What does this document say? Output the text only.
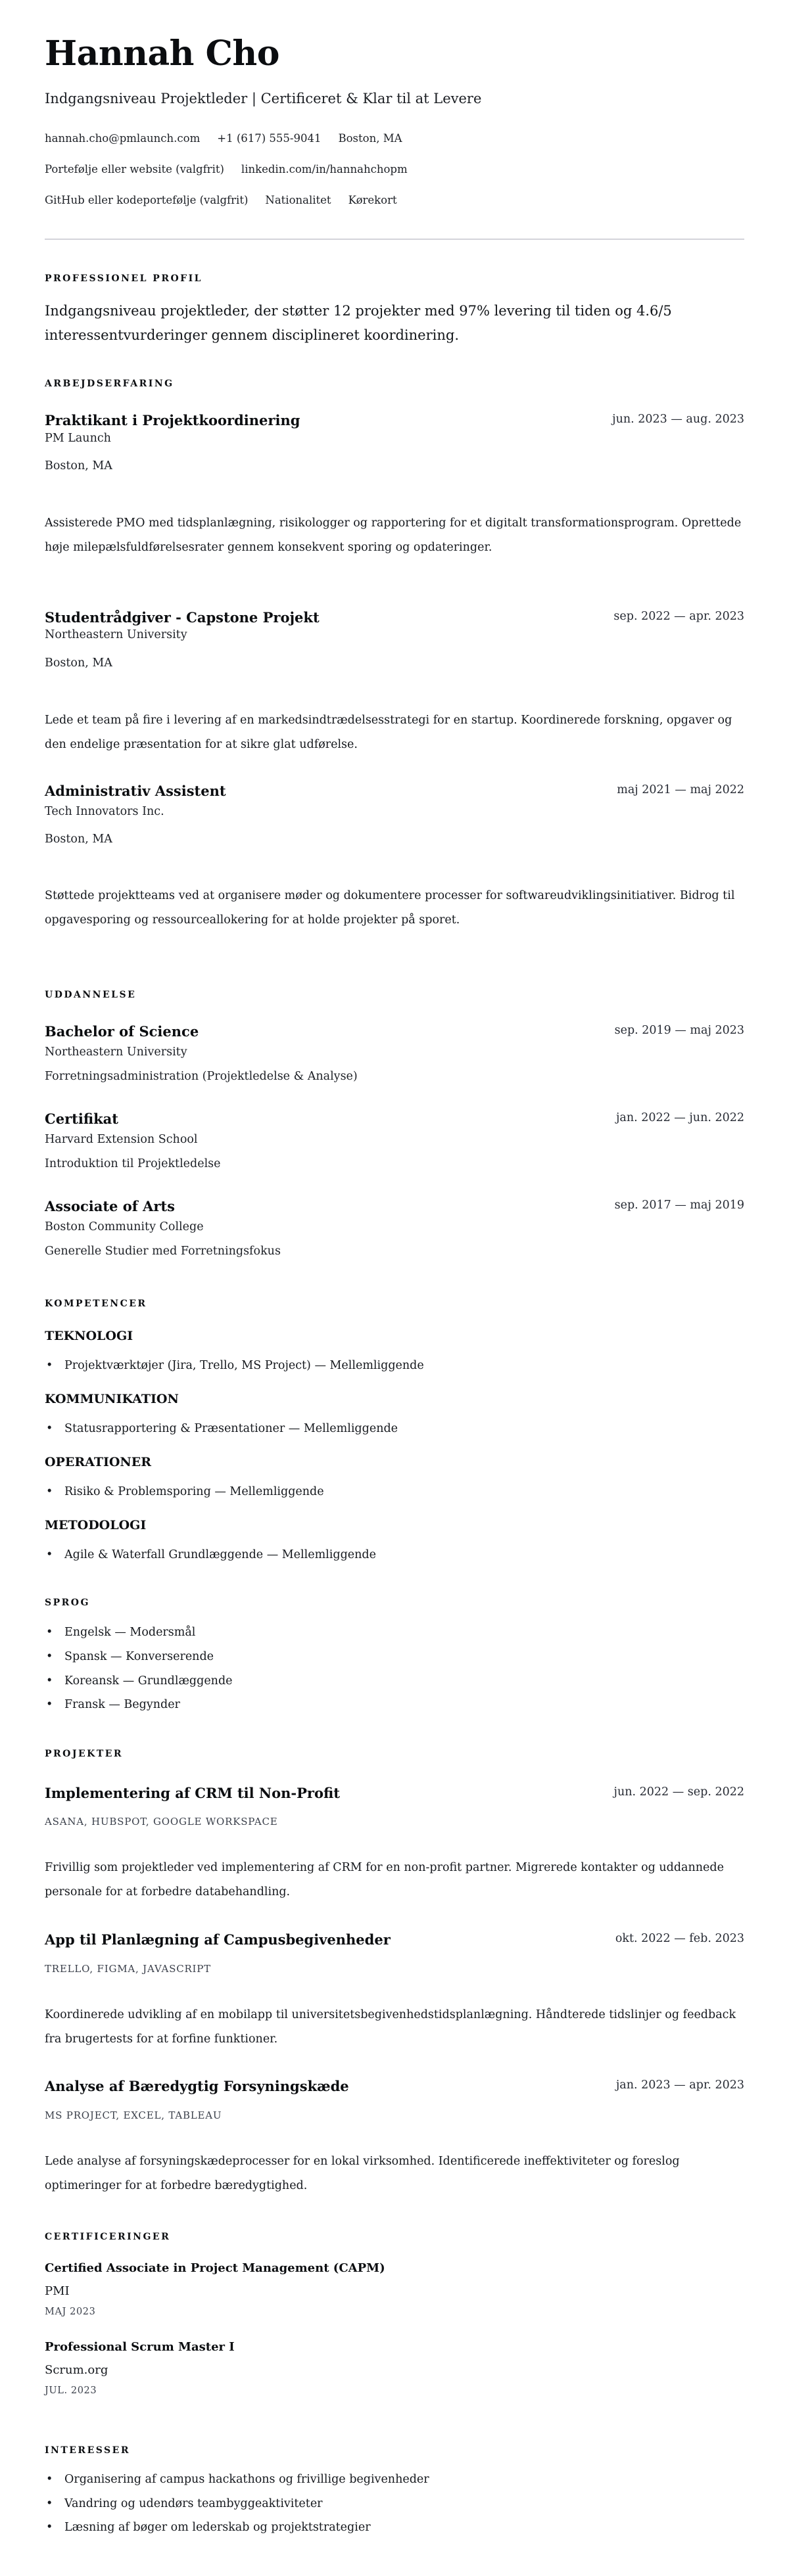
Hannah Cho
Indgangsniveau Projektleder | Certificeret & Klar til at Levere
hannah.cho@pmlaunch.com +1 (617) 555-9041 Boston, MA
Portefølje eller website (valgfrit) linkedin.com/in/hannahchopm
GitHub eller kodeportefølje (valgfrit) Nationalitet Kørekort
PROFESSIONEL PROFIL
Indgangsniveau projektleder, der støtter 12 projekter med 97% levering til tiden og 4.6/5 interessentvurderinger gennem disciplineret koordinering.
ARBEJDSERFARING
Praktikant i Projektkoordinering	jun. 2023 — aug. 2023
PM Launch
Boston, MA
Assisterede PMO med tidsplanlægning, risikologger og rapportering for et digitalt transformationsprogram. Oprettede høje milepælsfuldførelsesrater gennem konsekvent sporing og opdateringer.
Studentrådgiver - Capstone Projekt	sep. 2022 — apr. 2023
Northeastern University
Boston, MA
Lede et team på fire i levering af en markedsindtrædelsesstrategi for en startup. Koordinerede forskning, opgaver og den endelige præsentation for at sikre glat udførelse.
Administrativ Assistent	maj 2021 — maj 2022
Tech Innovators Inc.
Boston, MA
Støttede projektteams ved at organisere møder og dokumentere processer for softwareudviklingsinitiativer. Bidrog til opgavesporing og ressourceallokering for at holde projekter på sporet.
UDDANNELSE
Bachelor of Science	sep. 2019 — maj 2023
Northeastern University
Forretningsadministration (Projektledelse & Analyse)
Certifikat	jan. 2022 — jun. 2022
Harvard Extension School
Introduktion til Projektledelse
Associate of Arts	sep. 2017 — maj 2019
Boston Community College
Generelle Studier med Forretningsfokus
KOMPETENCER
TEKNOLOGI
• Projektværktøjer (Jira, Trello, MS Project) — Mellemliggende
KOMMUNIKATION
• Statusrapportering & Præsentationer — Mellemliggende
OPERATIONER
• Risiko & Problemsporing — Mellemliggende
METODOLOGI
• Agile & Waterfall Grundlæggende — Mellemliggende
SPROG
• Engelsk — Modersmål
• Spansk — Konverserende
• Koreansk — Grundlæggende
• Fransk — Begynder
PROJEKTER
Implementering af CRM til Non-Profit	jun. 2022 — sep. 2022
ASANA, HUBSPOT, GOOGLE WORKSPACE
Frivillig som projektleder ved implementering af CRM for en non-profit partner. Migrerede kontakter og uddannede personale for at forbedre databehandling.
App til Planlægning af Campusbegivenheder	okt. 2022 — feb. 2023
TRELLO, FIGMA, JAVASCRIPT
Koordinerede udvikling af en mobilapp til universitetsbegivenhedstidsplanlægning. Håndterede tidslinjer og feedback fra brugertests for at forfine funktioner.
Analyse af Bæredygtig Forsyningskæde	jan. 2023 — apr. 2023
MS PROJECT, EXCEL, TABLEAU
Lede analyse af forsyningskædeprocesser for en lokal virksomhed. Identificerede ineffektiviteter og foreslog optimeringer for at forbedre bæredygtighed.
CERTIFICERINGER
Certified Associate in Project Management (CAPM)
PMI
MAJ 2023
Professional Scrum Master I
Scrum.org
JUL. 2023
INTERESSER
• Organisering af campus hackathons og frivillige begivenheder
• Vandring og udendørs teambyggeaktiviteter
• Læsning af bøger om lederskab og projektstrategier
